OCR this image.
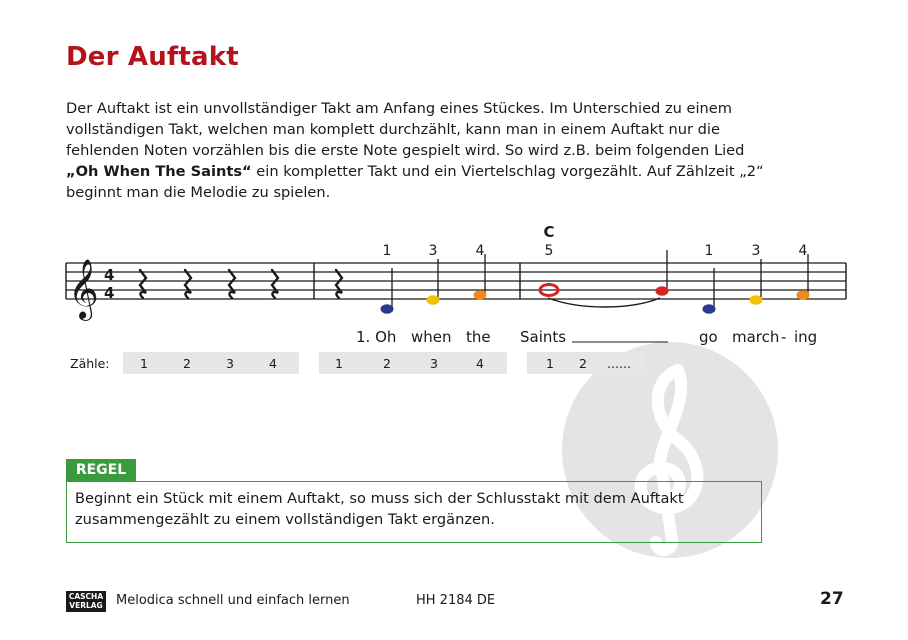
Der Auftakt
Der Auftakt ist ein unvollständiger Takt am Anfang eines Stückes. Im Unterschied zu einem
vollständigen Takt, welchen man komplett durchzählt, kann man in einem Auftakt nur die
fehlenden Noten vorzählen bis die erste Note gespielt wird. So wird z.B. beim folgenden Lied
„Oh When The Saints“ ein kompletter Takt und ein Viertelschlag vorgezählt. Auf Zählzeit „2“
beginnt man die Melodie zu spielen.
𝄞 4
4
C
1	3	4	5	1	3	4
1. Oh when the Saints	go march - ing
Zähle:	1	2	3	4	1	2	3	4	1	2	......
REGEL
Beginnt ein Stück mit einem Auftakt, so muss sich der Schlusstakt mit dem Auftakt
zusammengezählt zu einem vollständigen Takt ergänzen.
CASCHA
VERLAG Melodica schnell und einfach lernen	HH 2184 DE	27
